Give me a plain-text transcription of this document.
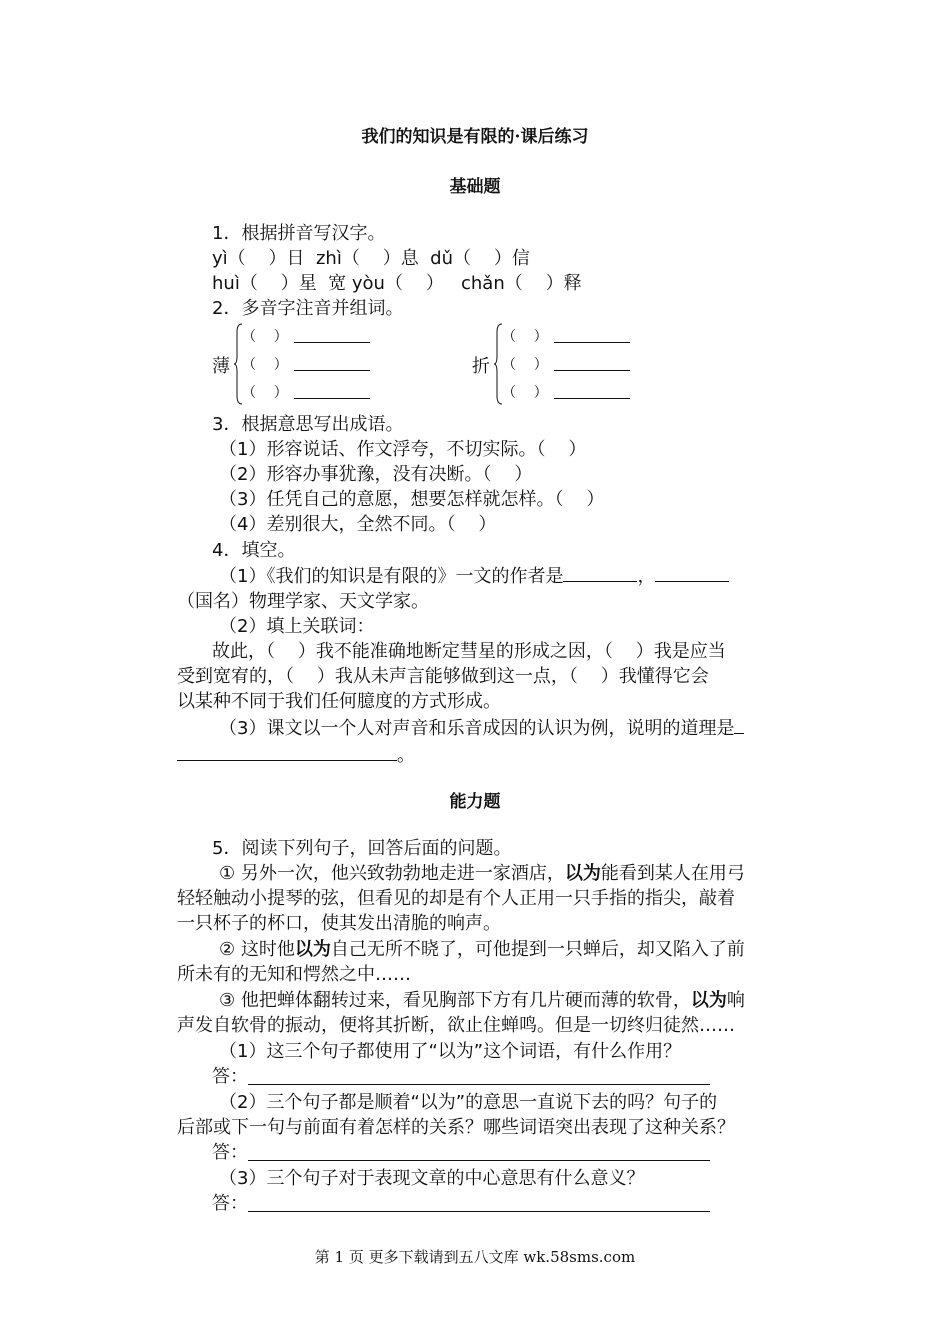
我们的知识是有限的·课后练习
基础题
1．根据拼音写汉字。
yì（    ）日  zhì（    ）息  dǔ（    ）信
huì（    ）星  宽 yòu（    ）   chǎn（    ）释
2．多音字注音并组词。
薄
（    ）
（    ）
（    ）
折
（    ）
（    ）
（    ）
3．根据意思写出成语。
（1）形容说话、作文浮夸，不切实际。（    ）
（2）形容办事犹豫，没有决断。（    ）
（3）任凭自己的意愿，想要怎样就怎样。（    ）
（4）差别很大，全然不同。（    ）
4．填空。
（1）《我们的知识是有限的》一文的作者是	，
（国名）物理学家、天文学家。
（2）填上关联词：
故此，（    ）我不能准确地断定彗星的形成之因，（    ）我是应当
受到宽宥的，（    ）我从未声言能够做到这一点，（    ）我懂得它会
以某种不同于我们任何臆度的方式形成。
（3）课文以一个人对声音和乐音成因的认识为例，说明的道理是
。
能力题
5．阅读下列句子，回答后面的问题。
① 另外一次，他兴致勃勃地走进一家酒店，以为能看到某人在用弓
轻轻触动小提琴的弦，但看见的却是有个人正用一只手指的指尖，敲着
一只杯子的杯口，使其发出清脆的响声。
② 这时他以为自己无所不晓了，可他提到一只蝉后，却又陷入了前
所未有的无知和愕然之中……
③ 他把蝉体翻转过来，看见胸部下方有几片硬而薄的软骨，以为响
声发自软骨的振动，便将其折断，欲止住蝉鸣。但是一切终归徒然……
（1）这三个句子都使用了“以为”这个词语，有什么作用？
答：
（2）三个句子都是顺着“以为”的意思一直说下去的吗？句子的
后部或下一句与前面有着怎样的关系？哪些词语突出表现了这种关系？
答：
（3）三个句子对于表现文章的中心意思有什么意义？
答：
第 1 页 更多下载请到五八文库 wk.58sms.com
